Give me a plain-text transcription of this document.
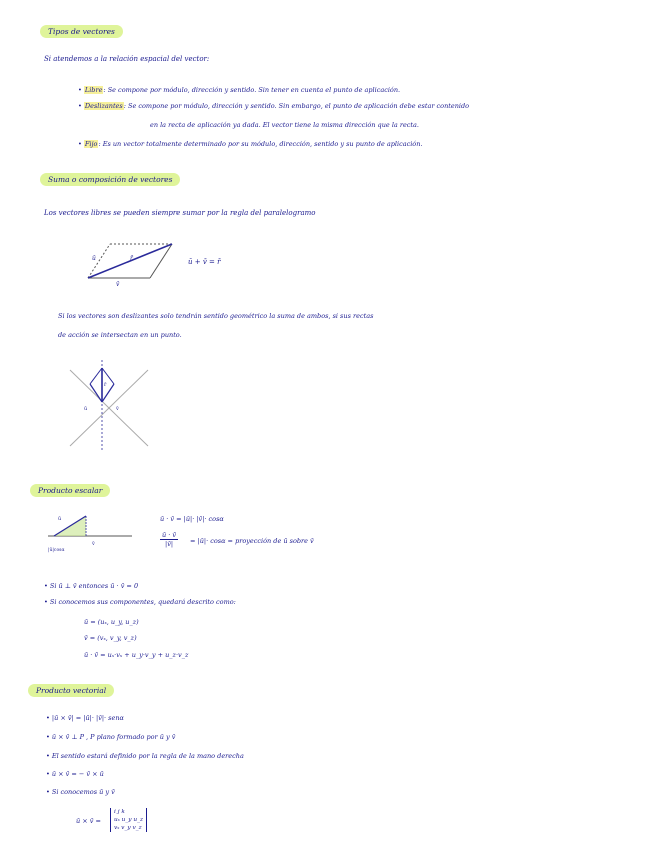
Tipos de vectores
Si atendemos a la relación espacial del vector:
• Libre: Se compone por módulo, dirección y sentido. Sin tener en cuenta el punto de aplicación.
• Deslizantes: Se compone por módulo, dirección y sentido. Sin embargo, el punto de aplicación debe estar contenido
en la recta de aplicación ya dada. El vector tiene la misma dirección que la recta.
• Fijo: Es un vector totalmente determinado por su módulo, dirección, sentido y su punto de aplicación.
Suma o composición de vectores
Los vectores libres se pueden siempre sumar por la regla del paralelogramo
ū	r̄
v̄
ū + v̄ = r̄
Si los vectores son deslizantes solo tendrán sentido geométrico la suma de ambos, si sus rectas
de acción se intersectan en un punto.
r̄
ū	v̄
Producto escalar
ū
v̄
|ū|cosα
ū · v̄ = |ū|· |v̄|· cosα
$\frac{ū \cdot v̄}{|v̄|}$ = |ū|· cosα = proyección de ū sobre v̄
• Si ū ⊥ v̄ entonces ū · v̄ = 0
• Si conocemos sus componentes, quedará descrito como:
ū = (uₓ, u_y, u_z)
v̄ = (vₓ, v_y, v_z)
ū · v̄ = uₓ·vₓ + u_y·v_y + u_z·v_z
Producto vectorial
• |ū × v̄| = |ū|· |v̄|· senα
• ū × v̄ ⊥ P , P plano formado por ū y v̄
• El sentido estará definido por la regla de la mano derecha
• ū × v̄ = − v̄ × ū
• Si conocemos ū y v̄
ū × v̄ =
i j k
uₓ u_y u_z
vₓ v_y v_z
